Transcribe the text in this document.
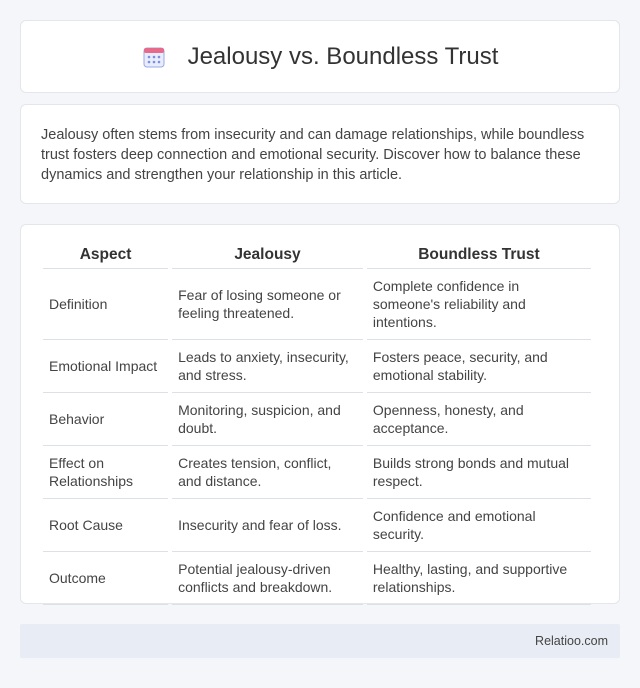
Jealousy vs. Boundless Trust

Jealousy often stems from insecurity and can damage relationships, while boundless trust fosters deep connection and emotional security. Discover how to balance these dynamics and strengthen your relationship in this article.

Aspect	Jealousy	Boundless Trust
Definition	Fear of losing someone or feeling threatened.	Complete confidence in someone's reliability and intentions.
Emotional Impact	Leads to anxiety, insecurity, and stress.	Fosters peace, security, and emotional stability.
Behavior	Monitoring, suspicion, and doubt.	Openness, honesty, and acceptance.
Effect on Relationships	Creates tension, conflict, and distance.	Builds strong bonds and mutual respect.
Root Cause	Insecurity and fear of loss.	Confidence and emotional security.
Outcome	Potential jealousy-driven conflicts and breakdown.	Healthy, lasting, and supportive relationships.
Relatioo.com
